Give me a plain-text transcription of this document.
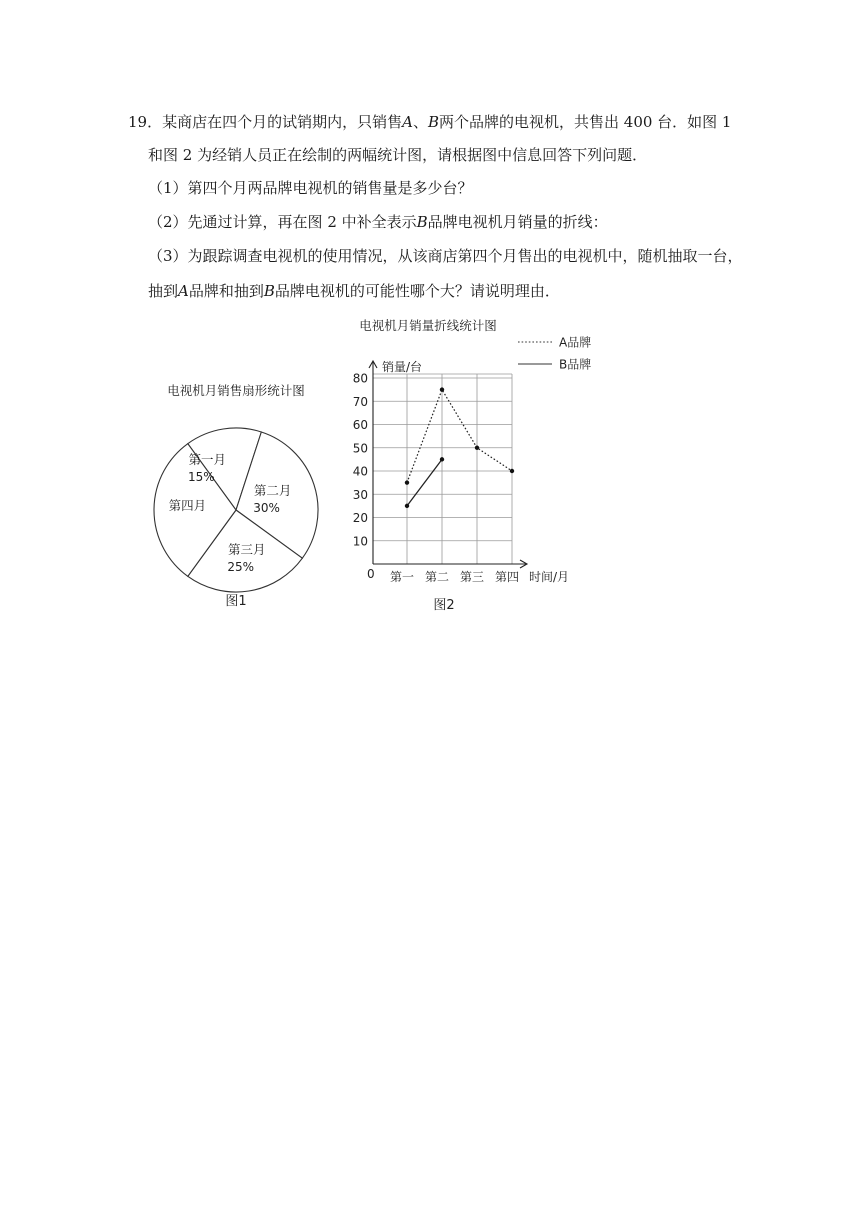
19．某商店在四个月的试销期内，只销售A、B两个品牌的电视机，共售出 400 台．如图 1
和图 2 为经销人员正在绘制的两幅统计图，请根据图中信息回答下列问题．
（1）第四个月两品牌电视机的销售量是多少台？
（2）先通过计算，再在图 2 中补全表示B品牌电视机月销量的折线：
（3）为跟踪调查电视机的使用情况，从该商店第四个月售出的电视机中，随机抽取一台，
抽到A品牌和抽到B品牌电视机的可能性哪个大？请说明理由．
电视机月销售扇形统计图
第一月
15%
第二月
30%
第三月
25%
第四月
图1
电视机月销量折线统计图
A品牌
B品牌
10
20
30
40
50
60
70
80
第一 第二 第三 第四
销量/台
时间/月
0
图2
